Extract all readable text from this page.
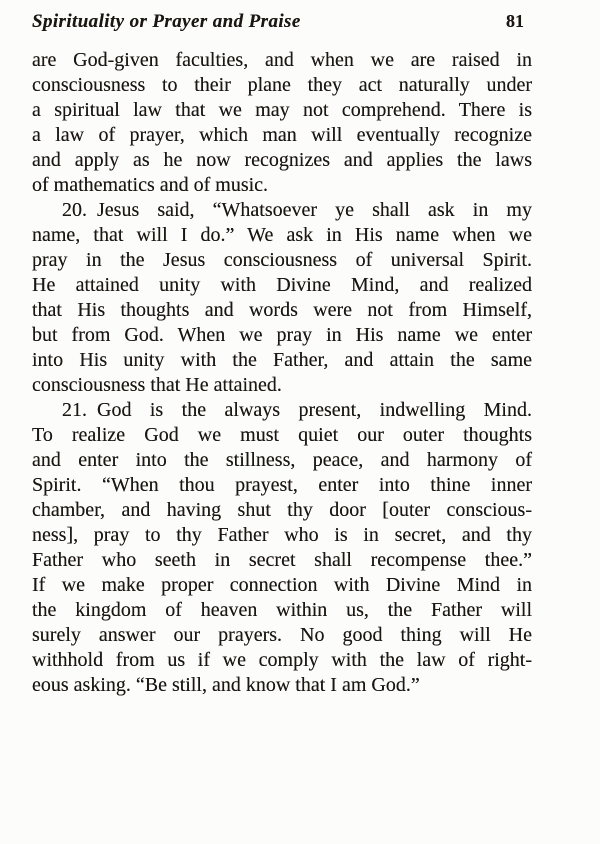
Spirituality or Prayer and Praise	81
are God-given faculties, and when we are raised in
consciousness to their plane they act naturally under
a spiritual law that we may not comprehend. There is
a law of prayer, which man will eventually recognize
and apply as he now recognizes and applies the laws
of mathematics and of music.
20. Jesus said, “Whatsoever ye shall ask in my
name, that will I do.” We ask in His name when we
pray in the Jesus consciousness of universal Spirit.
He attained unity with Divine Mind, and realized
that His thoughts and words were not from Himself,
but from God. When we pray in His name we enter
into His unity with the Father, and attain the same
consciousness that He attained.
21. God is the always present, indwelling Mind.
To realize God we must quiet our outer thoughts
and enter into the stillness, peace, and harmony of
Spirit. “When thou prayest, enter into thine inner
chamber, and having shut thy door [outer conscious-
ness], pray to thy Father who is in secret, and thy
Father who seeth in secret shall recompense thee.”
If we make proper connection with Divine Mind in
the kingdom of heaven within us, the Father will
surely answer our prayers. No good thing will He
withhold from us if we comply with the law of right-
eous asking. “Be still, and know that I am God.”
